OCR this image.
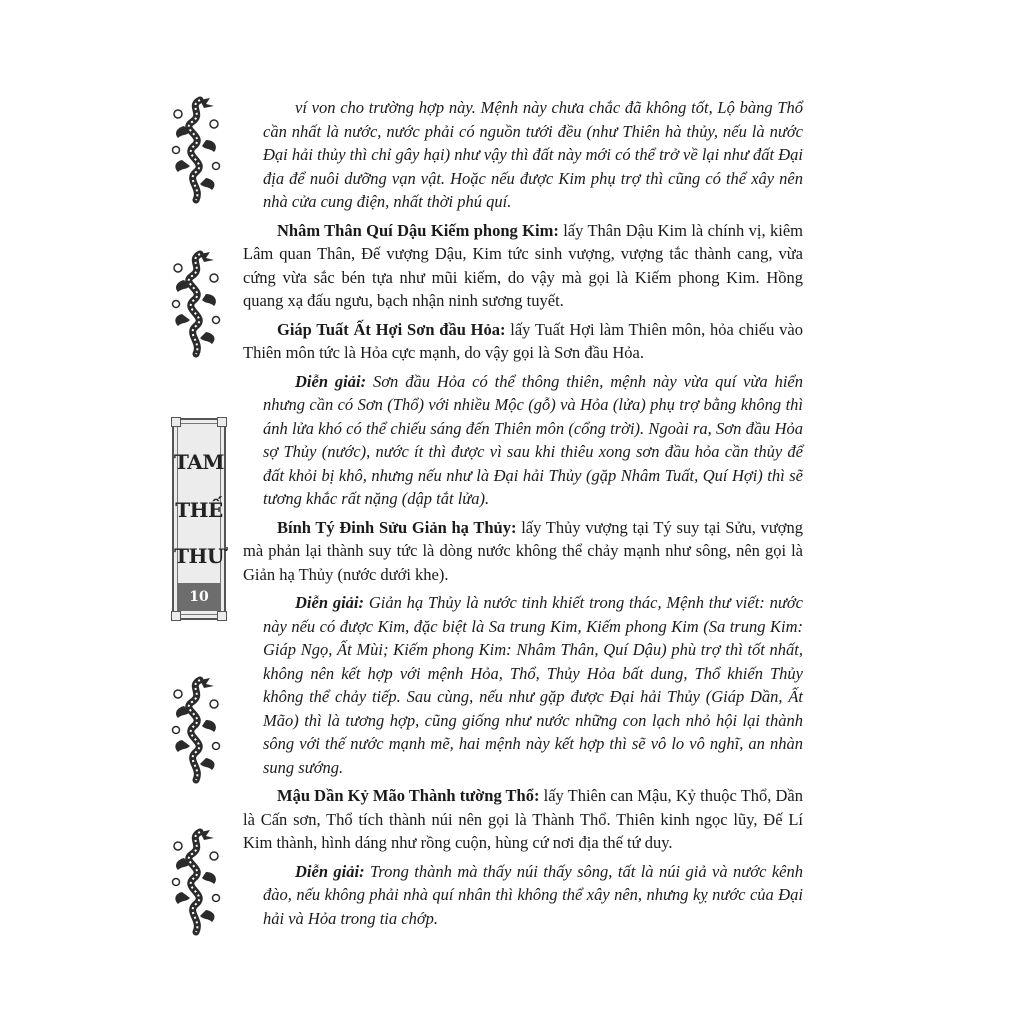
TAM
THẾ
THƯ
10

ví von cho trường hợp này. Mệnh này chưa chắc đã không tốt, Lộ bàng Thổ cần nhất là nước, nước phải có nguồn tưới đều (như Thiên hà thủy, nếu là nước Đại hải thủy thì chỉ gây hại) như vậy thì đất này mới có thể trở về lại như đất Đại địa để nuôi dưỡng vạn vật. Hoặc nếu được Kim phụ trợ thì cũng có thể xây nên nhà cửa cung điện, nhất thời phú quí.

Nhâm Thân Quí Dậu Kiếm phong Kim: lấy Thân Dậu Kim là chính vị, kiêm Lâm quan Thân, Đế vượng Dậu, Kim tức sinh vượng, vượng tắc thành cang, vừa cứng vừa sắc bén tựa như mũi kiếm, do vậy mà gọi là Kiếm phong Kim. Hồng quang xạ đấu ngưu, bạch nhận ninh sương tuyết.

Giáp Tuất Ất Hợi Sơn đầu Hỏa: lấy Tuất Hợi làm Thiên môn, hỏa chiếu vào Thiên môn tức là Hỏa cực mạnh, do vậy gọi là Sơn đầu Hỏa.

Diễn giải: Sơn đầu Hỏa có thể thông thiên, mệnh này vừa quí vừa hiển nhưng cần có Sơn (Thổ) với nhiều Mộc (gỗ) và Hỏa (lửa) phụ trợ bằng không thì ánh lửa khó có thể chiếu sáng đến Thiên môn (cổng trời). Ngoài ra, Sơn đầu Hỏa sợ Thủy (nước), nước ít thì được vì sau khi thiêu xong sơn đầu hỏa cần thủy để đất khỏi bị khô, nhưng nếu như là Đại hải Thủy (gặp Nhâm Tuất, Quí Hợi) thì sẽ tương khắc rất nặng (dập tắt lửa).

Bính Tý Đinh Sửu Giản hạ Thủy: lấy Thủy vượng tại Tý suy tại Sửu, vượng mà phản lại thành suy tức là dòng nước không thể chảy mạnh như sông, nên gọi là Giản hạ Thủy (nước dưới khe).

Diễn giải: Giản hạ Thủy là nước tinh khiết trong thác, Mệnh thư viết: nước này nếu có được Kim, đặc biệt là Sa trung Kim, Kiếm phong Kim (Sa trung Kim: Giáp Ngọ, Ất Mùi; Kiếm phong Kim: Nhâm Thân, Quí Dậu) phù trợ thì tốt nhất, không nên kết hợp với mệnh Hỏa, Thổ, Thủy Hỏa bất dung, Thổ khiến Thủy không thể chảy tiếp. Sau cùng, nếu như gặp được Đại hải Thủy (Giáp Dần, Ất Mão) thì là tương hợp, cũng giống như nước những con lạch nhỏ hội lại thành sông với thế nước mạnh mẽ, hai mệnh này kết hợp thì sẽ vô lo vô nghĩ, an nhàn sung sướng.

Mậu Dần Kỷ Mão Thành tường Thổ: lấy Thiên can Mậu, Kỷ thuộc Thổ, Dần là Cấn sơn, Thổ tích thành núi nên gọi là Thành Thổ. Thiên kinh ngọc lũy, Đế Lí Kim thành, hình dáng như rồng cuộn, hùng cứ nơi địa thế tứ duy.

Diễn giải: Trong thành mà thấy núi thấy sông, tất là núi giả và nước kênh đào, nếu không phải nhà quí nhân thì không thể xây nên, nhưng kỵ nước của Đại hải và Hỏa trong tia chớp.
